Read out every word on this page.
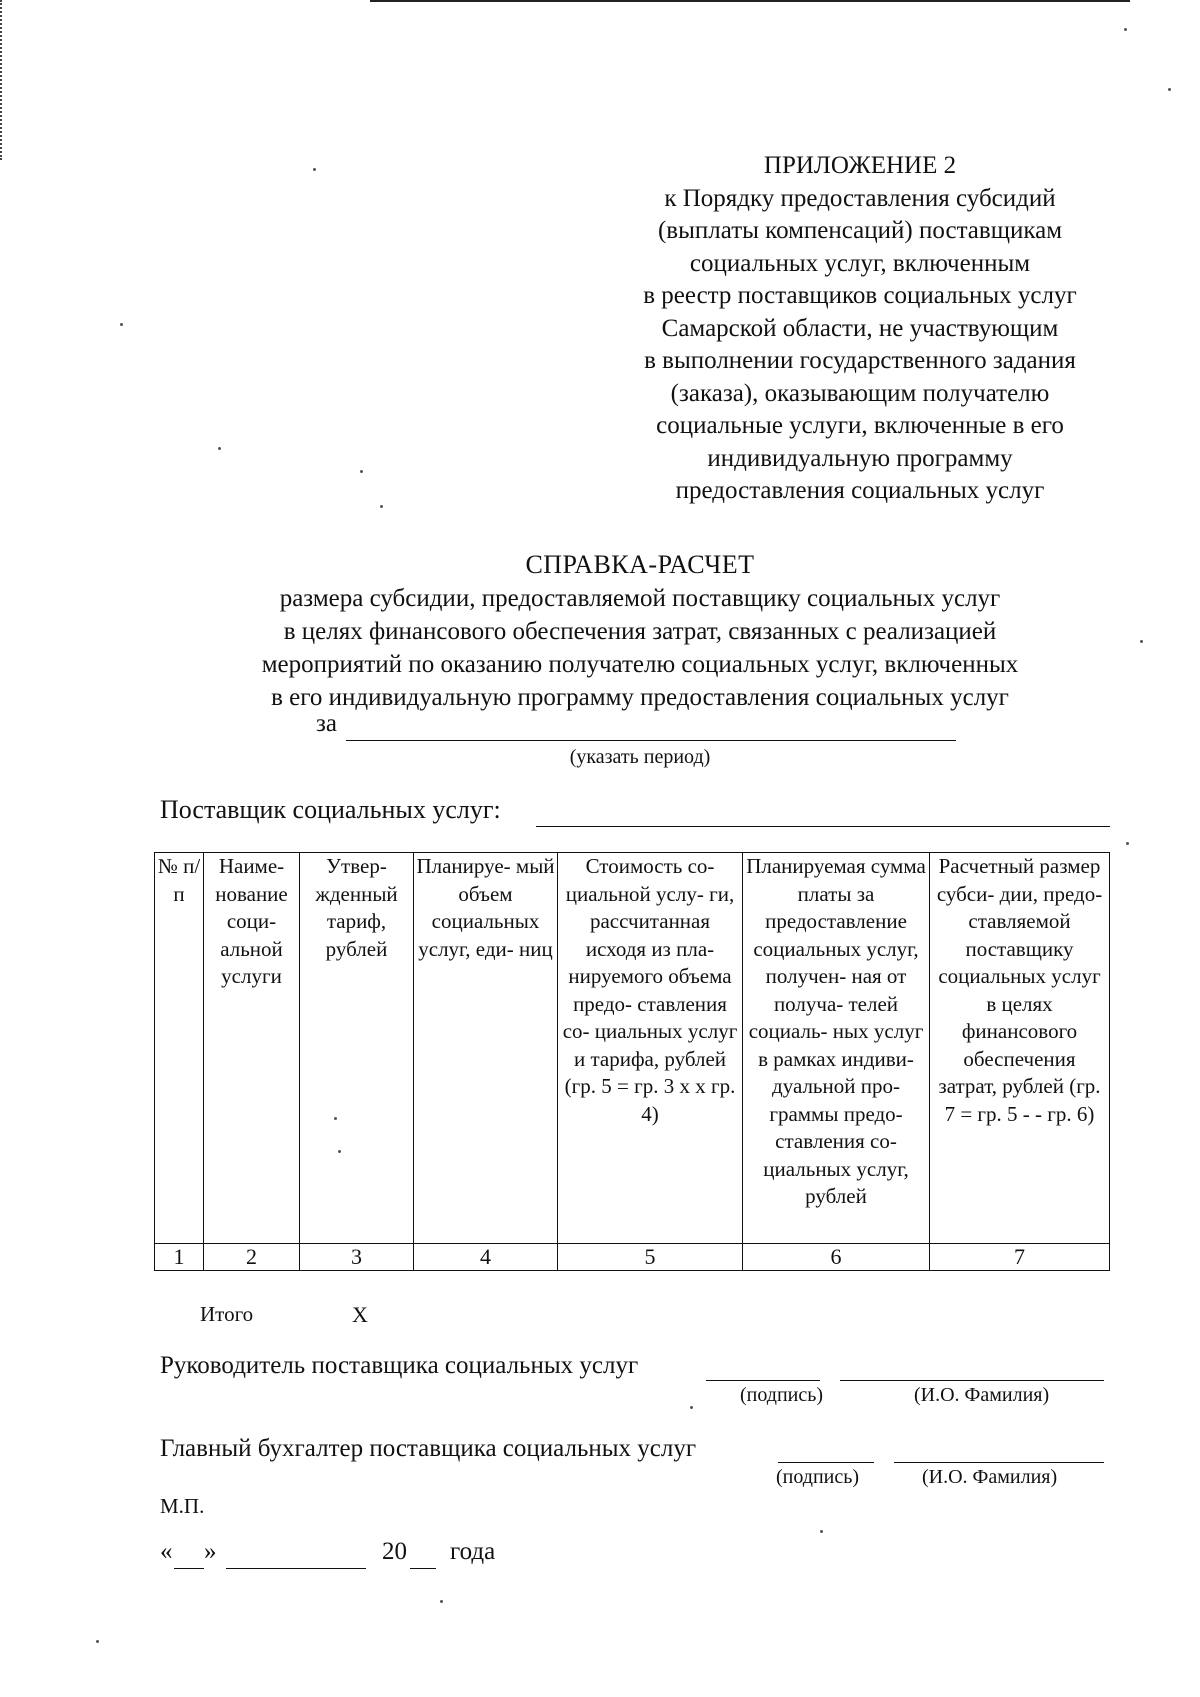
ПРИЛОЖЕНИЕ 2
к Порядку предоставления субсидий
(выплаты компенсаций) поставщикам
социальных услуг, включенным
в реестр поставщиков социальных услуг
Самарской области, не участвующим
в выполнении государственного задания
(заказа), оказывающим получателю
социальные услуги, включенные в его
индивидуальную программу
предоставления социальных услуг
СПРАВКА-РАСЧЕТ
размера субсидии, предоставляемой поставщику социальных услуг
в целях финансового обеспечения затрат, связанных с реализацией
мероприятий по оказанию получателю социальных услуг, включенных
в его индивидуальную программу предоставления социальных услуг
за
(указать период)
Поставщик социальных услуг:
№ п/п	Наиме- нование соци- альной услуги	Утвер- жденный тариф, рублей	Планируе- мый объем социальных услуг, еди- ниц	Стоимость со- циальной услу- ги, рассчитанная исходя из пла- нируемого объема предо- ставления со- циальных услуг и тарифа, рублей (гр. 5 = гр. 3 х х гр. 4)	Планируемая сумма платы за предоставление социальных услуг, получен- ная от получа- телей социаль- ных услуг в рамках индиви- дуальной про- граммы предо- ставления со- циальных услуг, рублей	Расчетный размер субси- дии, предо- ставляемой поставщику социальных услуг в целях финансового обеспечения затрат, рублей (гр. 7 = гр. 5 - - гр. 6)
1	2	3	4	5	6	7
Итого	Х
Руководитель поставщика социальных услуг
(подпись)	(И.О. Фамилия)
Главный бухгалтер поставщика социальных услуг
(подпись)	(И.О. Фамилия)
М.П.
« »	20 года
